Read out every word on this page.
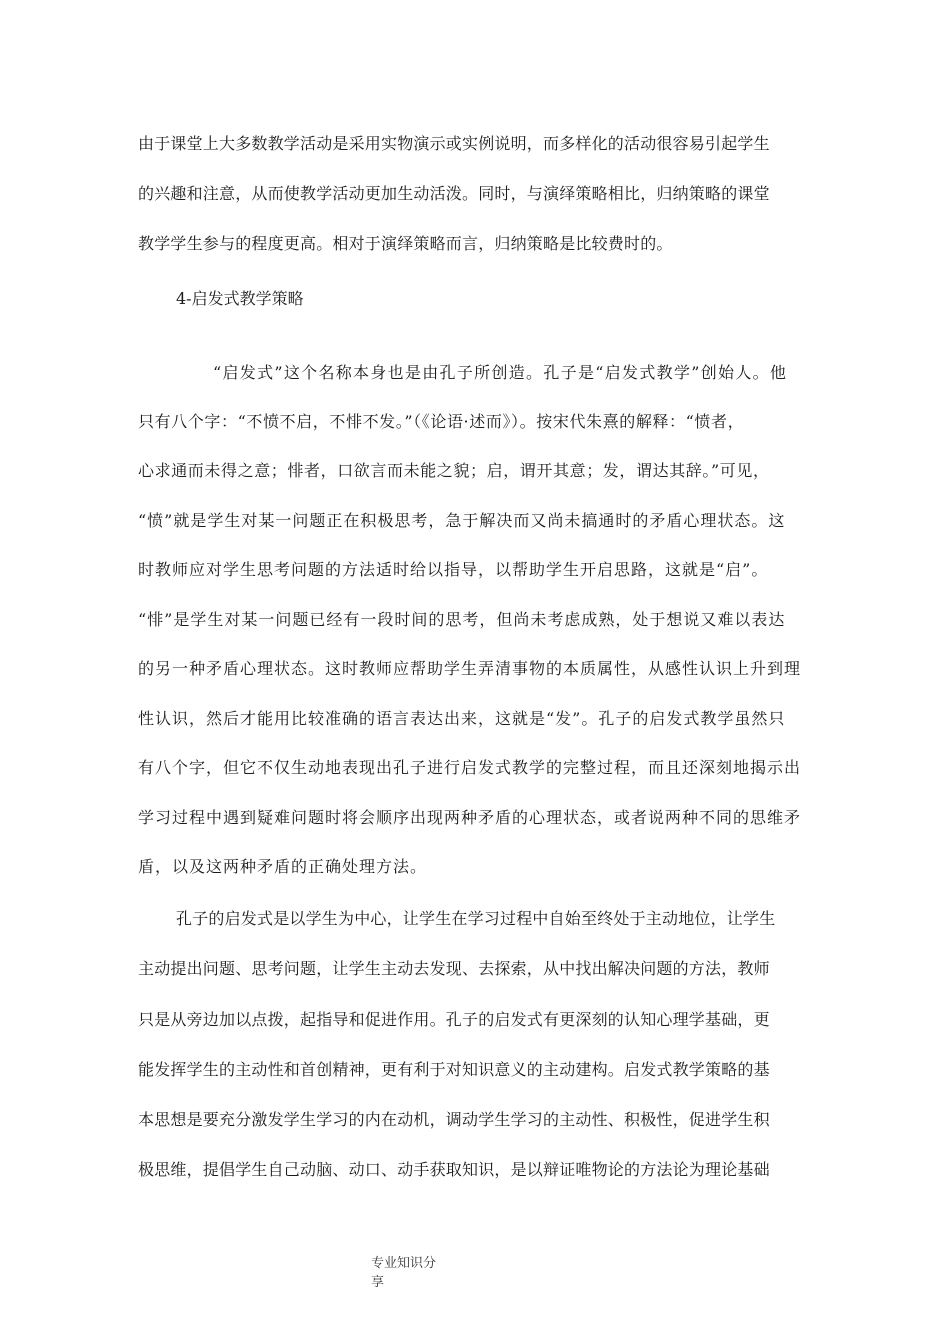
由于课堂上大多数教学活动是采用实物演示或实例说明，而多样化的活动很容易引起学生
的兴趣和注意，从而使教学活动更加生动活泼。同时，与演绎策略相比，归纳策略的课堂
教学学生参与的程度更高。相对于演绎策略而言，归纳策略是比较费时的。
4-启发式教学策略
“启发式”这个名称本身也是由孔子所创造。孔子是“启发式教学”创始人。他
只有八个字：“不愤不启，不悱不发。”（《论语·述而》）。按宋代朱熹的解释：“愤者，
心求通而未得之意；悱者，口欲言而未能之貌；启，谓开其意；发，谓达其辞。”可见，
“愤”就是学生对某一问题正在积极思考，急于解决而又尚未搞通时的矛盾心理状态。这
时教师应对学生思考问题的方法适时给以指导，以帮助学生开启思路，这就是“启”。
“悱”是学生对某一问题已经有一段时间的思考，但尚未考虑成熟，处于想说又难以表达
的另一种矛盾心理状态。这时教师应帮助学生弄清事物的本质属性，从感性认识上升到理
性认识，然后才能用比较准确的语言表达出来，这就是“发”。孔子的启发式教学虽然只
有八个字，但它不仅生动地表现出孔子进行启发式教学的完整过程，而且还深刻地揭示出
学习过程中遇到疑难问题时将会顺序出现两种矛盾的心理状态，或者说两种不同的思维矛
盾，以及这两种矛盾的正确处理方法。
孔子的启发式是以学生为中心，让学生在学习过程中自始至终处于主动地位，让学生
主动提出问题、思考问题，让学生主动去发现、去探索，从中找出解决问题的方法，教师
只是从旁边加以点拨，起指导和促进作用。孔子的启发式有更深刻的认知心理学基础，更
能发挥学生的主动性和首创精神，更有利于对知识意义的主动建构。启发式教学策略的基
本思想是要充分激发学生学习的内在动机，调动学生学习的主动性、积极性，促进学生积
极思维，提倡学生自己动脑、动口、动手获取知识，是以辩证唯物论的方法论为理论基础
专业知识分
享
